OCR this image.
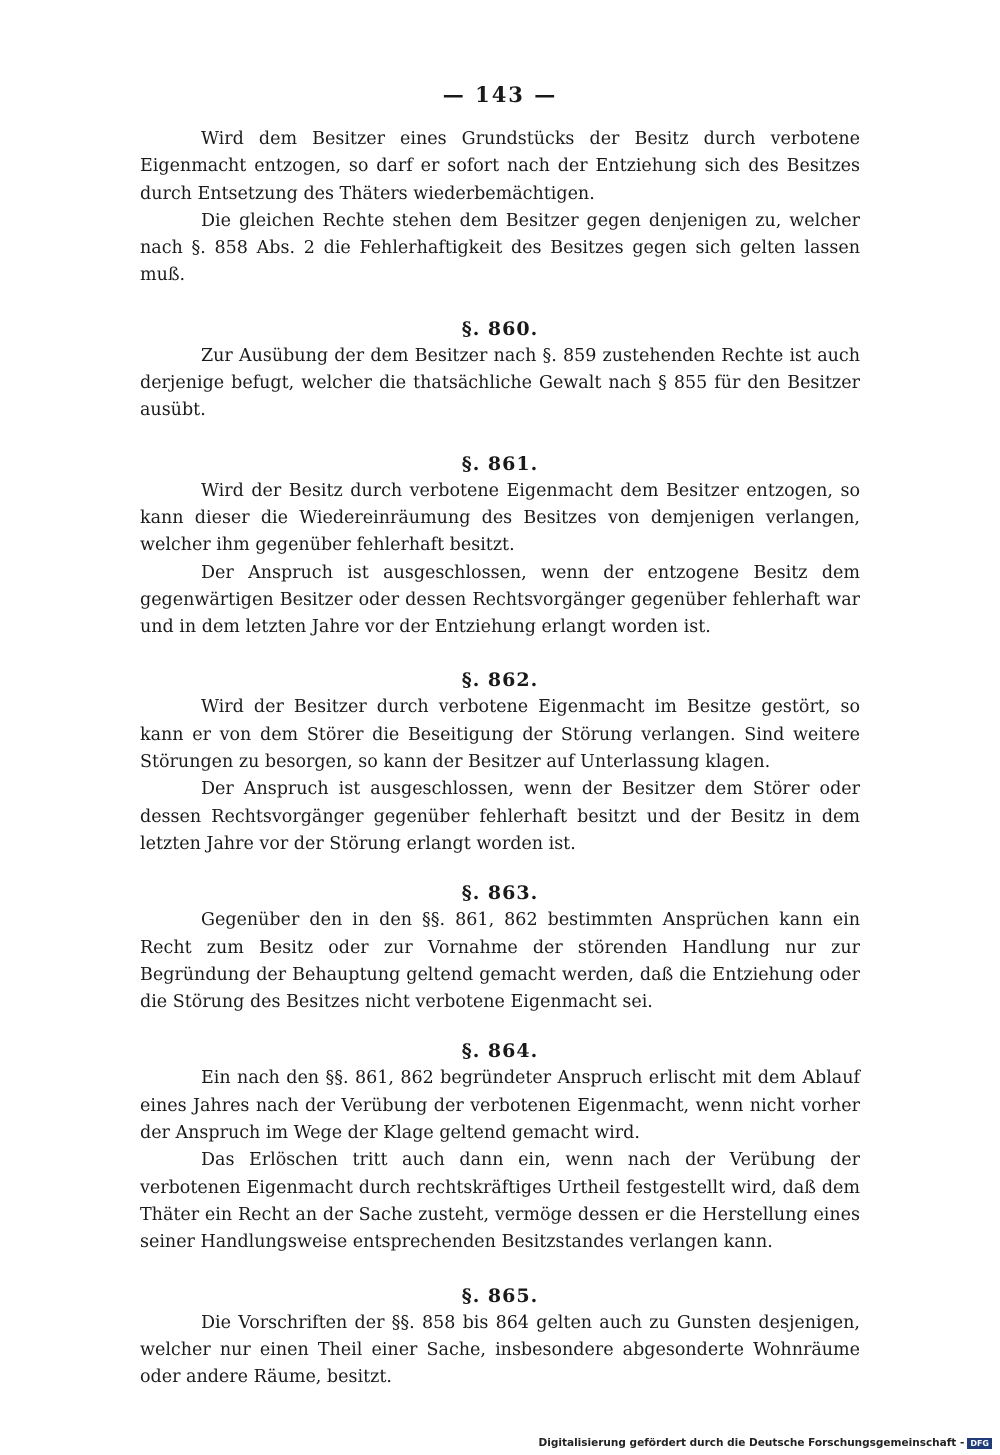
— 143 —

Wird dem Besitzer eines Grundstücks der Besitz durch verbotene Eigenmacht entzogen, so darf er sofort nach der Entziehung sich des Besitzes durch Entsetzung des Thäters wiederbemächtigen.

Die gleichen Rechte stehen dem Besitzer gegen denjenigen zu, welcher nach §. 858 Abs. 2 die Fehlerhaftigkeit des Besitzes gegen sich gelten lassen muß.

§. 860.

Zur Ausübung der dem Besitzer nach §. 859 zustehenden Rechte ist auch derjenige befugt, welcher die thatsächliche Gewalt nach § 855 für den Besitzer ausübt.

§. 861.

Wird der Besitz durch verbotene Eigenmacht dem Besitzer entzogen, so kann dieser die Wiedereinräumung des Besitzes von demjenigen verlangen, welcher ihm gegenüber fehlerhaft besitzt.

Der Anspruch ist ausgeschlossen, wenn der entzogene Besitz dem gegenwärtigen Besitzer oder dessen Rechtsvorgänger gegenüber fehlerhaft war und in dem letzten Jahre vor der Entziehung erlangt worden ist.

§. 862.

Wird der Besitzer durch verbotene Eigenmacht im Besitze gestört, so kann er von dem Störer die Beseitigung der Störung verlangen. Sind weitere Störungen zu besorgen, so kann der Besitzer auf Unterlassung klagen.

Der Anspruch ist ausgeschlossen, wenn der Besitzer dem Störer oder dessen Rechtsvorgänger gegenüber fehlerhaft besitzt und der Besitz in dem letzten Jahre vor der Störung erlangt worden ist.

§. 863.

Gegenüber den in den §§. 861, 862 bestimmten Ansprüchen kann ein Recht zum Besitz oder zur Vornahme der störenden Handlung nur zur Begründung der Behauptung geltend gemacht werden, daß die Entziehung oder die Störung des Besitzes nicht verbotene Eigenmacht sei.

§. 864.

Ein nach den §§. 861, 862 begründeter Anspruch erlischt mit dem Ablauf eines Jahres nach der Verübung der verbotenen Eigenmacht, wenn nicht vorher der Anspruch im Wege der Klage geltend gemacht wird.

Das Erlöschen tritt auch dann ein, wenn nach der Verübung der verbotenen Eigenmacht durch rechtskräftiges Urtheil festgestellt wird, daß dem Thäter ein Recht an der Sache zusteht, vermöge dessen er die Herstellung eines seiner Handlungsweise entsprechenden Besitzstandes verlangen kann.

§. 865.

Die Vorschriften der §§. 858 bis 864 gelten auch zu Gunsten desjenigen, welcher nur einen Theil einer Sache, insbesondere abgesonderte Wohnräume oder andere Räume, besitzt.

Digitalisierung gefördert durch die Deutsche Forschungsgemeinschaft - DFG
